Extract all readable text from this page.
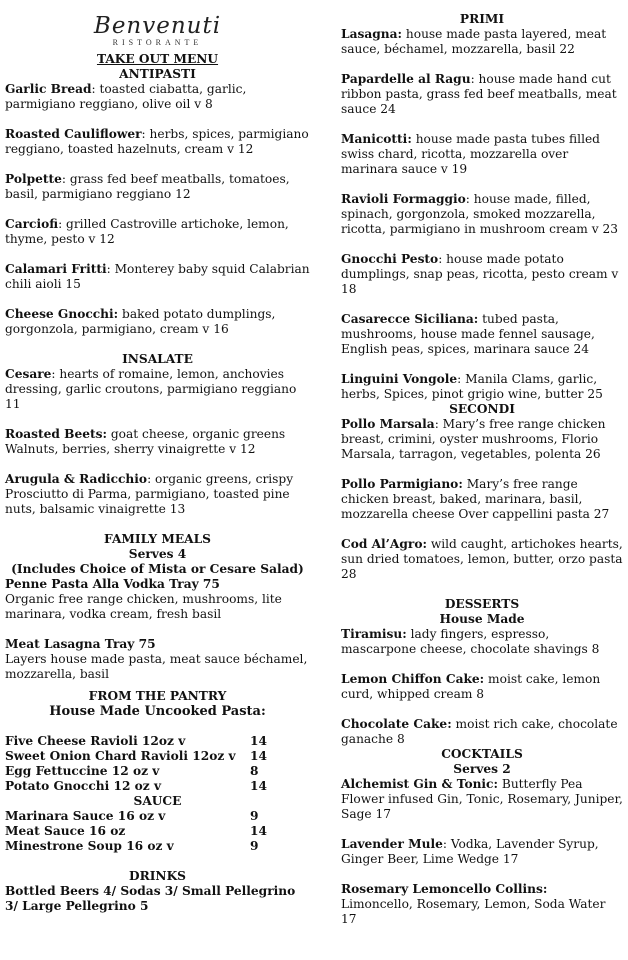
Benvenuti
RISTORANTE
TAKE OUT MENU
ANTIPASTI

Garlic Bread: toasted ciabatta, garlic, parmigiano reggiano, olive oil v 8

Roasted Cauliflower: herbs, spices, parmigiano reggiano, toasted hazelnuts, cream v 12

Polpette: grass fed beef meatballs, tomatoes, basil, parmigiano reggiano 12

Carciofi: grilled Castroville artichoke, lemon, thyme, pesto v 12

Calamari Fritti: Monterey baby squid Calabrian chili aioli 15

Cheese Gnocchi: baked potato dumplings, gorgonzola, parmigiano, cream v 16

INSALATE

Cesare: hearts of romaine, lemon, anchovies dressing, garlic croutons, parmigiano reggiano 11

Roasted Beets: goat cheese, organic greens Walnuts, berries, sherry vinaigrette v 12

Arugula & Radicchio: organic greens, crispy Prosciutto di Parma, parmigiano, toasted pine nuts, balsamic vinaigrette 13

FAMILY MEALS
Serves 4
(Includes Choice of Mista or Cesare Salad)

Penne Pasta Alla Vodka Tray 75
Organic free range chicken, mushrooms, lite marinara, vodka cream, fresh basil

Meat Lasagna Tray 75
Layers house made pasta, meat sauce béchamel, mozzarella, basil

FROM THE PANTRY
House Made Uncooked Pasta:
Five Cheese Ravioli 12oz v	14
Sweet Onion Chard Ravioli 12oz v	14
Egg Fettuccine 12 oz v	8
Potato Gnocchi 12 oz v	14
SAUCE
Marinara Sauce 16 oz v	9
Meat Sauce 16 oz	14
Minestrone Soup 16 oz v	9
DRINKS

Bottled Beers 4/ Sodas 3/ Small Pellegrino 3/ Large Pellegrino 5

PRIMI

Lasagna: house made pasta layered, meat sauce, béchamel, mozzarella, basil 22

Papardelle al Ragu: house made hand cut ribbon pasta, grass fed beef meatballs, meat sauce 24

Manicotti: house made pasta tubes filled swiss chard, ricotta, mozzarella over marinara sauce v 19

Ravioli Formaggio: house made, filled, spinach, gorgonzola, smoked mozzarella, ricotta, parmigiano in mushroom cream v 23

Gnocchi Pesto: house made potato dumplings, snap peas, ricotta, pesto cream v 18

Casarecce Siciliana: tubed pasta, mushrooms, house made fennel sausage, English peas, spices, marinara sauce 24

Linguini Vongole: Manila Clams, garlic, herbs, Spices, pinot grigio wine, butter 25

SECONDI

Pollo Marsala: Mary’s free range chicken breast, crimini, oyster mushrooms, Florio Marsala, tarragon, vegetables, polenta 26

Pollo Parmigiano: Mary’s free range chicken breast, baked, marinara, basil, mozzarella cheese Over cappellini pasta 27

Cod Al’Agro: wild caught, artichokes hearts, sun dried tomatoes, lemon, butter, orzo pasta 28

DESSERTS
House Made

Tiramisu: lady fingers, espresso, mascarpone cheese, chocolate shavings 8

Lemon Chiffon Cake: moist cake, lemon curd, whipped cream 8

Chocolate Cake: moist rich cake, chocolate ganache 8

COCKTAILS
Serves 2

Alchemist Gin & Tonic: Butterfly Pea Flower infused Gin, Tonic, Rosemary, Juniper, Sage 17

Lavender Mule: Vodka, Lavender Syrup, Ginger Beer, Lime Wedge 17

Rosemary Lemoncello Collins: Limoncello, Rosemary, Lemon, Soda Water 17
